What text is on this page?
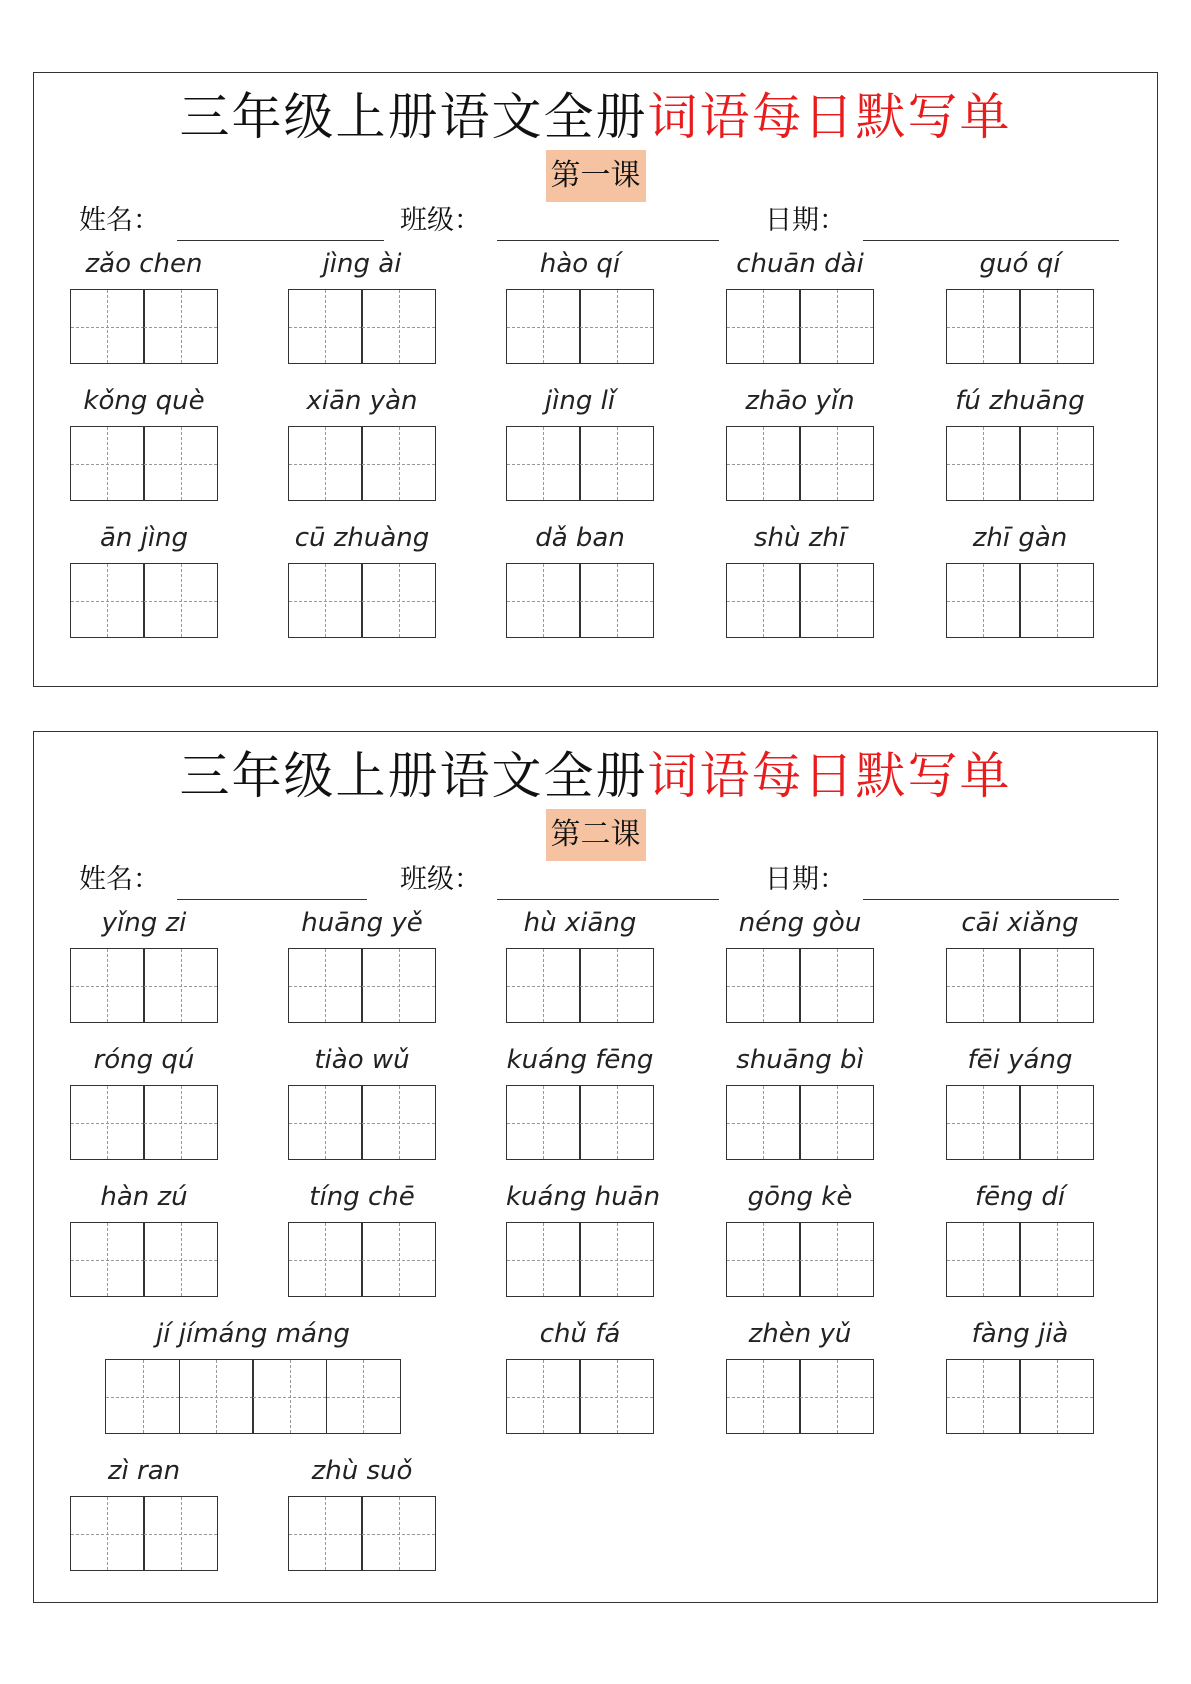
三年级上册语文全册词语每日默写单
第一课
姓名：	班级：	日期：
zǎo chen	jìng ài	hào qí	chuān dài	guó qí
kǒng què	xiān yàn	jìng lǐ	zhāo yǐn	fú zhuāng
ān jìng	cū zhuàng	dǎ ban	shù zhī	zhī gàn
三年级上册语文全册词语每日默写单
第二课
姓名：	班级：	日期：
yǐng zi	huāng yě	hù xiāng	néng gòu	cāi xiǎng
róng qú	tiào wǔ	kuáng fēng	shuāng bì	fēi yáng
hàn zú	tíng chē	kuáng huān	gōng kè	fēng dí
jí jímáng máng	chǔ fá	zhèn yǔ	fàng jià
zì ran	zhù suǒ
